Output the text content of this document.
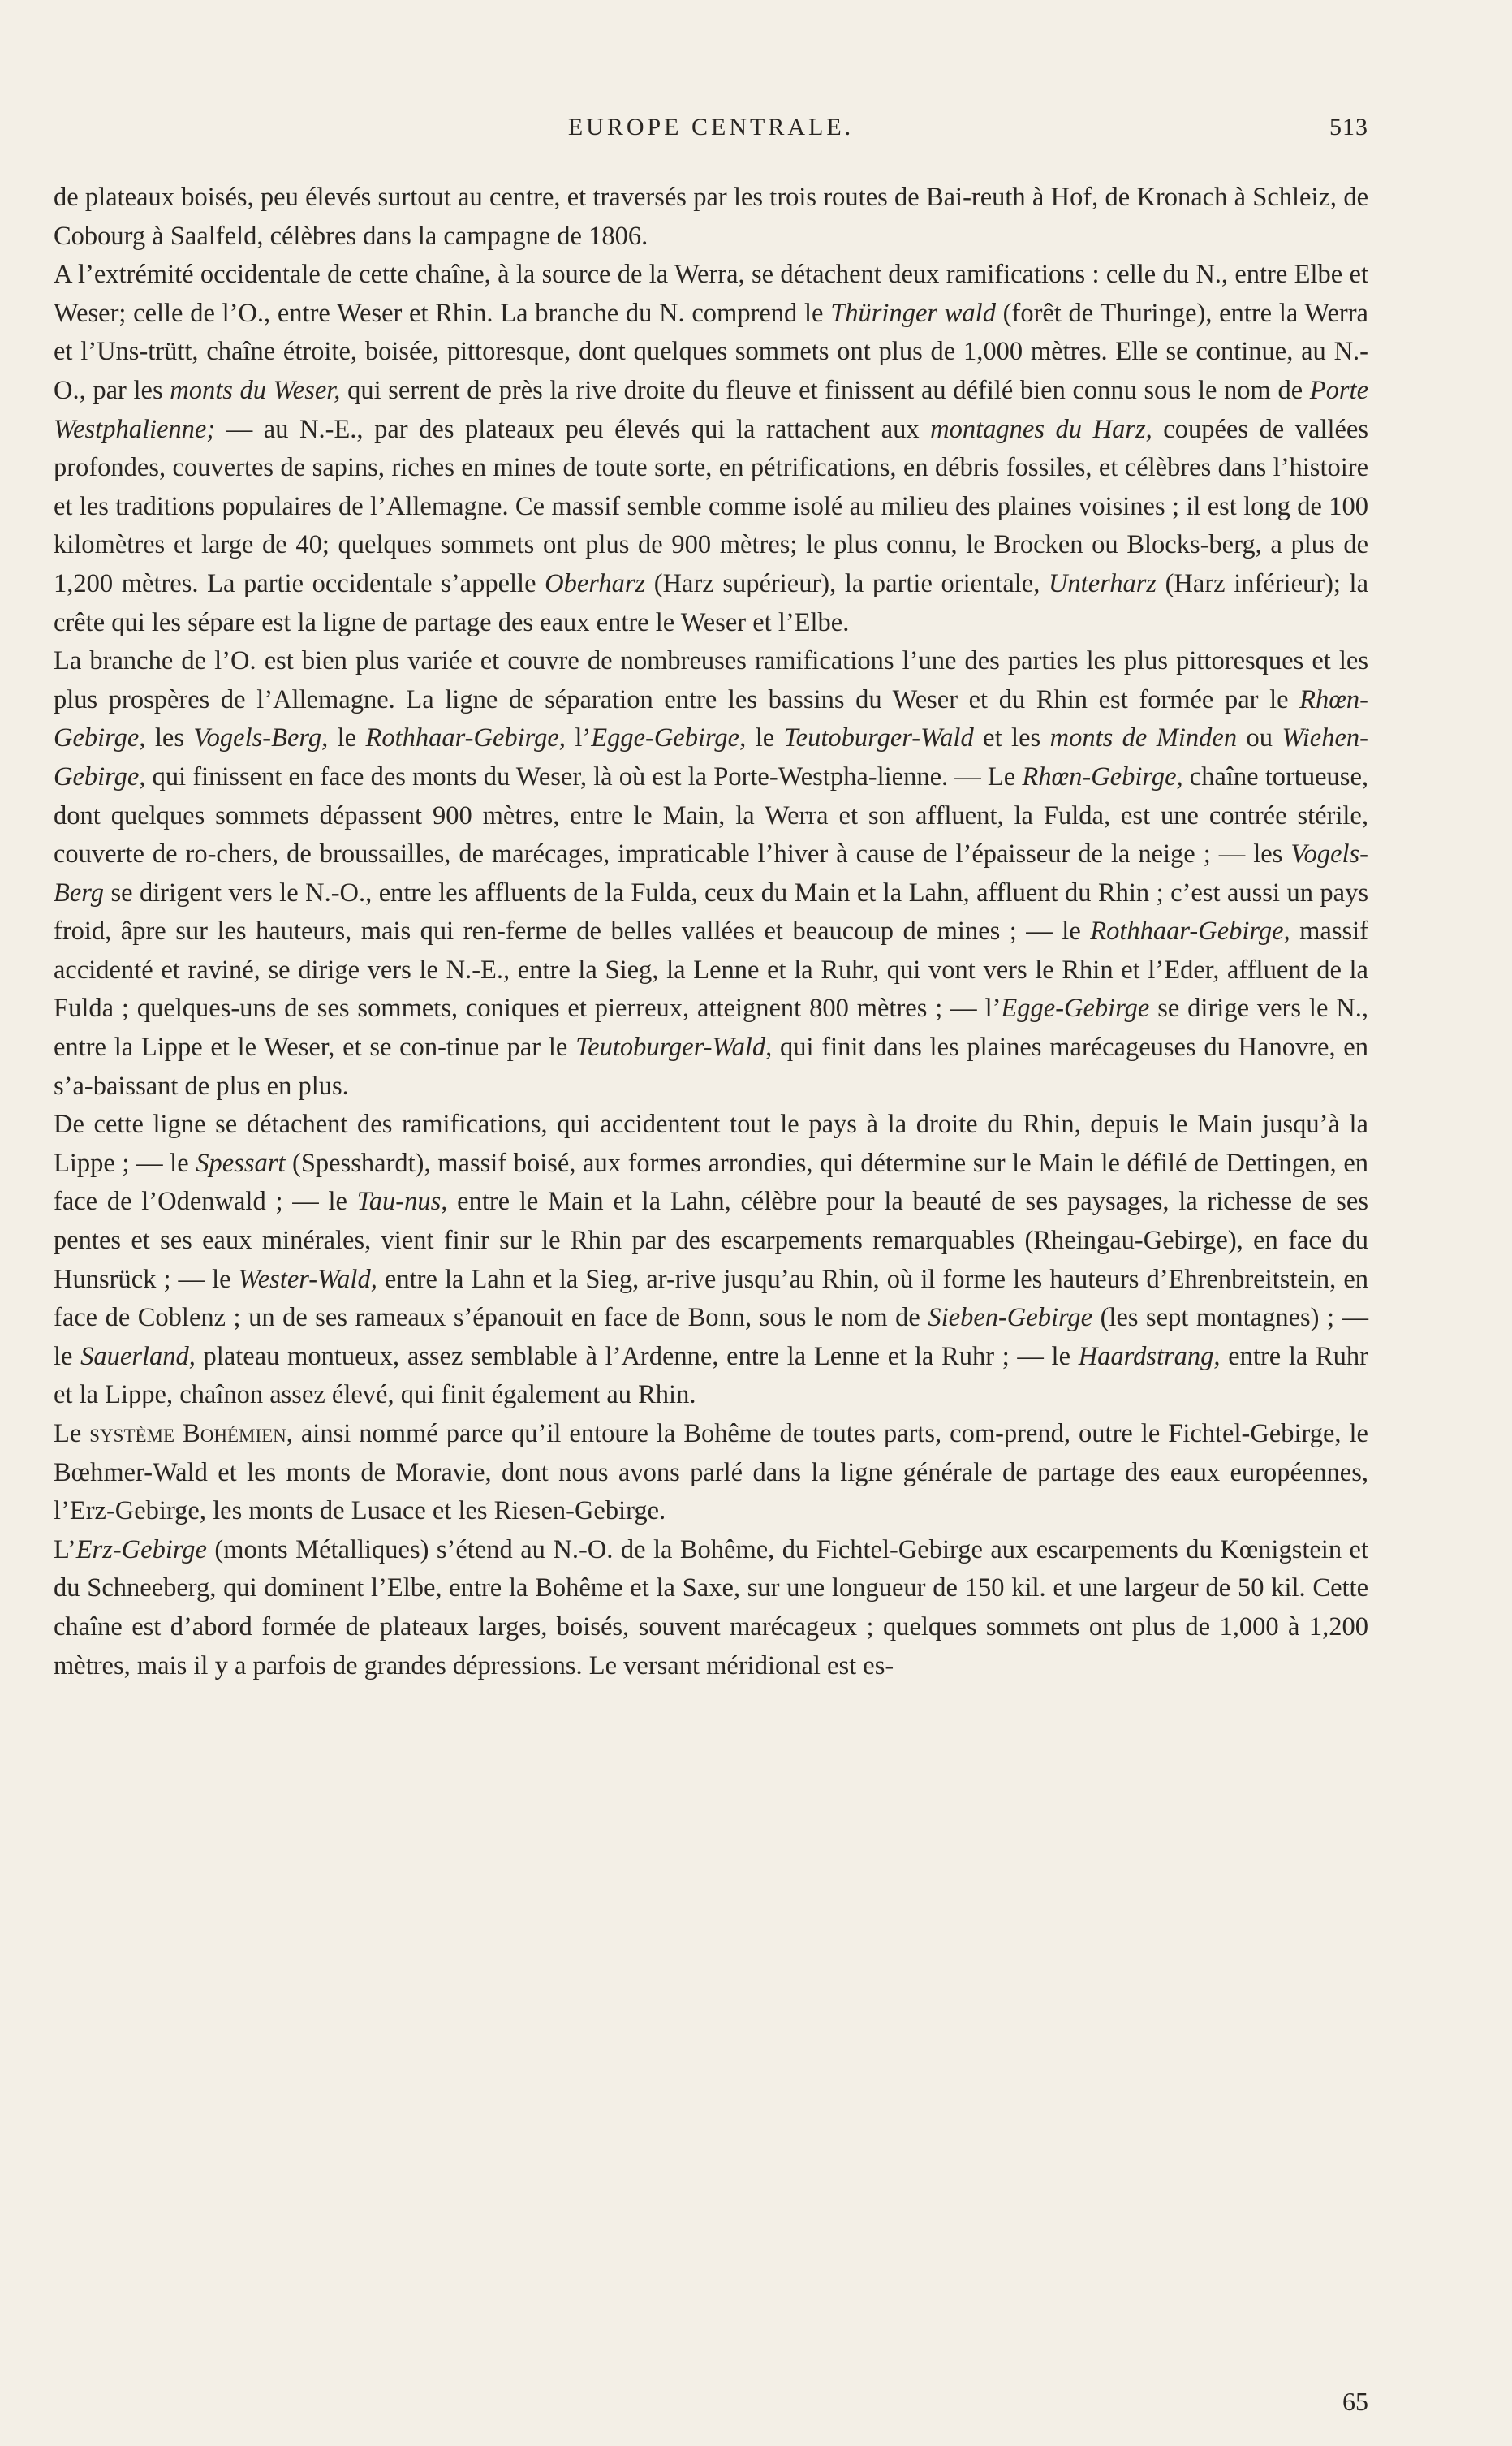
EUROPE CENTRALE.	513

de plateaux boisés, peu élevés surtout au centre, et traversés par les trois routes de Bai-reuth à Hof, de Kronach à Schleiz, de Cobourg à Saalfeld, célèbres dans la campagne de 1806.

A l’extrémité occidentale de cette chaîne, à la source de la Werra, se détachent deux ramifications : celle du N., entre Elbe et Weser; celle de l’O., entre Weser et Rhin. La branche du N. comprend le Thüringer wald (forêt de Thuringe), entre la Werra et l’Uns-trütt, chaîne étroite, boisée, pittoresque, dont quelques sommets ont plus de 1,000 mètres. Elle se continue, au N.-O., par les monts du Weser, qui serrent de près la rive droite du fleuve et finissent au défilé bien connu sous le nom de Porte Westphalienne; — au N.-E., par des plateaux peu élevés qui la rattachent aux montagnes du Harz, coupées de vallées profondes, couvertes de sapins, riches en mines de toute sorte, en pétrifications, en débris fossiles, et célèbres dans l’histoire et les traditions populaires de l’Allemagne. Ce massif semble comme isolé au milieu des plaines voisines ; il est long de 100 kilomètres et large de 40; quelques sommets ont plus de 900 mètres; le plus connu, le Brocken ou Blocks-berg, a plus de 1,200 mètres. La partie occidentale s’appelle Oberharz (Harz supérieur), la partie orientale, Unterharz (Harz inférieur); la crête qui les sépare est la ligne de partage des eaux entre le Weser et l’Elbe.

La branche de l’O. est bien plus variée et couvre de nombreuses ramifications l’une des parties les plus pittoresques et les plus prospères de l’Allemagne. La ligne de séparation entre les bassins du Weser et du Rhin est formée par le Rhœn-Gebirge, les Vogels-Berg, le Rothhaar-Gebirge, l’Egge-Gebirge, le Teutoburger-Wald et les monts de Minden ou Wiehen-Gebirge, qui finissent en face des monts du Weser, là où est la Porte-Westpha-lienne. — Le Rhœn-Gebirge, chaîne tortueuse, dont quelques sommets dépassent 900 mètres, entre le Main, la Werra et son affluent, la Fulda, est une contrée stérile, couverte de ro-chers, de broussailles, de marécages, impraticable l’hiver à cause de l’épaisseur de la neige ; — les Vogels-Berg se dirigent vers le N.-O., entre les affluents de la Fulda, ceux du Main et la Lahn, affluent du Rhin ; c’est aussi un pays froid, âpre sur les hauteurs, mais qui ren-ferme de belles vallées et beaucoup de mines ; — le Rothhaar-Gebirge, massif accidenté et raviné, se dirige vers le N.-E., entre la Sieg, la Lenne et la Ruhr, qui vont vers le Rhin et l’Eder, affluent de la Fulda ; quelques-uns de ses sommets, coniques et pierreux, atteignent 800 mètres ; — l’Egge-Gebirge se dirige vers le N., entre la Lippe et le Weser, et se con-tinue par le Teutoburger-Wald, qui finit dans les plaines marécageuses du Hanovre, en s’a-baissant de plus en plus.

De cette ligne se détachent des ramifications, qui accidentent tout le pays à la droite du Rhin, depuis le Main jusqu’à la Lippe ; — le Spessart (Spesshardt), massif boisé, aux formes arrondies, qui détermine sur le Main le défilé de Dettingen, en face de l’Odenwald ; — le Tau-nus, entre le Main et la Lahn, célèbre pour la beauté de ses paysages, la richesse de ses pentes et ses eaux minérales, vient finir sur le Rhin par des escarpements remarquables (Rheingau-Gebirge), en face du Hunsrück ; — le Wester-Wald, entre la Lahn et la Sieg, ar-rive jusqu’au Rhin, où il forme les hauteurs d’Ehrenbreitstein, en face de Coblenz ; un de ses rameaux s’épanouit en face de Bonn, sous le nom de Sieben-Gebirge (les sept montagnes) ; — le Sauerland, plateau montueux, assez semblable à l’Ardenne, entre la Lenne et la Ruhr ; — le Haardstrang, entre la Ruhr et la Lippe, chaînon assez élevé, qui finit également au Rhin.

Le système Bohémien, ainsi nommé parce qu’il entoure la Bohême de toutes parts, com-prend, outre le Fichtel-Gebirge, le Bœhmer-Wald et les monts de Moravie, dont nous avons parlé dans la ligne générale de partage des eaux européennes, l’Erz-Gebirge, les monts de Lusace et les Riesen-Gebirge.

L’Erz-Gebirge (monts Métalliques) s’étend au N.-O. de la Bohême, du Fichtel-Gebirge aux escarpements du Kœnigstein et du Schneeberg, qui dominent l’Elbe, entre la Bohême et la Saxe, sur une longueur de 150 kil. et une largeur de 50 kil. Cette chaîne est d’abord formée de plateaux larges, boisés, souvent marécageux ; quelques sommets ont plus de 1,000 à 1,200 mètres, mais il y a parfois de grandes dépressions. Le versant méridional est es-

65
